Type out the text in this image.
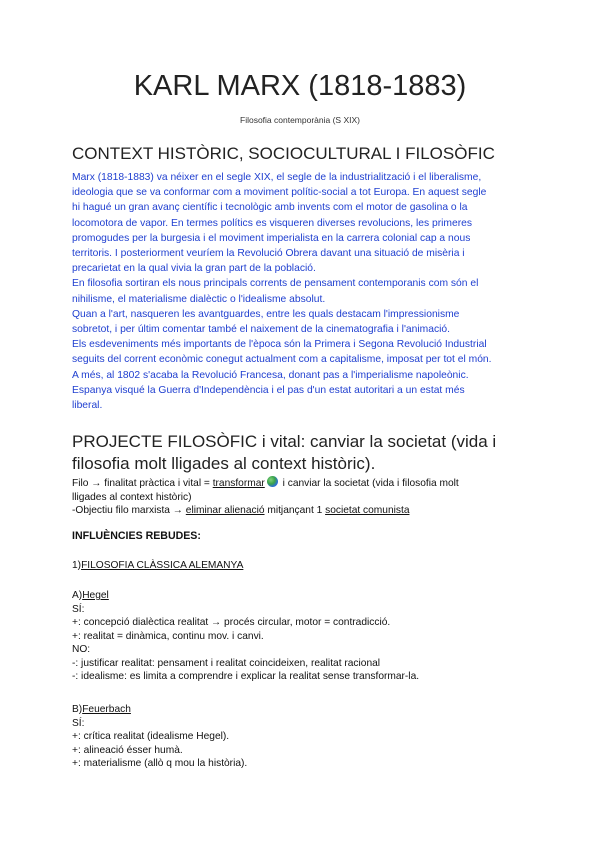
KARL MARX (1818-1883)
Filosofia contemporània (S XIX)
CONTEXT HISTÒRIC, SOCIOCULTURAL I FILOSÒFIC

Marx (1818-1883) va néixer en el segle XIX, el segle de la industrialització i el liberalisme,

ideologia que se va conformar com a moviment polític-social a tot Europa. En aquest segle

hi hagué un gran avanç científic i tecnològic amb invents com el motor de gasolina o la

locomotora de vapor. En termes polítics es visqueren diverses revolucions, les primeres

promogudes per la burgesia i el moviment imperialista en la carrera colonial cap a nous

territoris. I posteriorment veuríem la Revolució Obrera davant una situació de misèria i

precarietat en la qual vivia la gran part de la població.

En filosofia sortiran els nous principals corrents de pensament contemporanis com són el

nihilisme, el materialisme dialèctic o l'idealisme absolut.

Quan a l'art, nasqueren les avantguardes, entre les quals destacam l'impressionisme

sobretot, i per últim comentar també el naixement de la cinematografia i l'animació.

Els esdeveniments més importants de l'època són la Primera i Segona Revolució Industrial

seguits del corrent econòmic conegut actualment com a capitalisme, imposat per tot el món.

A més, al 1802 s'acaba la Revolució Francesa, donant pas a l'imperialisme napoleònic.

Espanya visqué la Guerra d'Independència i el pas d'un estat autoritari a un estat més

liberal.

PROJECTE FILOSÒFIC i vital: canviar la societat (vida i filosofia molt lligades al context històric).
Filo → finalitat pràctica i vital = transformar i canviar la societat (vida i filosofia molt
lligades al context històric)
-Objectiu filo marxista → eliminar alienació mitjançant 1 societat comunista
INFLUÈNCIES REBUDES:
1)FILOSOFIA CLÀSSICA ALEMANYA
A)Hegel
SÍ:
+: concepció dialèctica realitat → procés circular, motor = contradicció.
+: realitat = dinàmica, continu mov. i canvi.
NO:
-: justificar realitat: pensament i realitat coincideixen, realitat racional
-: idealisme: es limita a comprendre i explicar la realitat sense transformar-la.
B)Feuerbach
SÍ:
+: crítica realitat (idealisme Hegel).
+: alineació ésser humà.
+: materialisme (allò q mou la història).
